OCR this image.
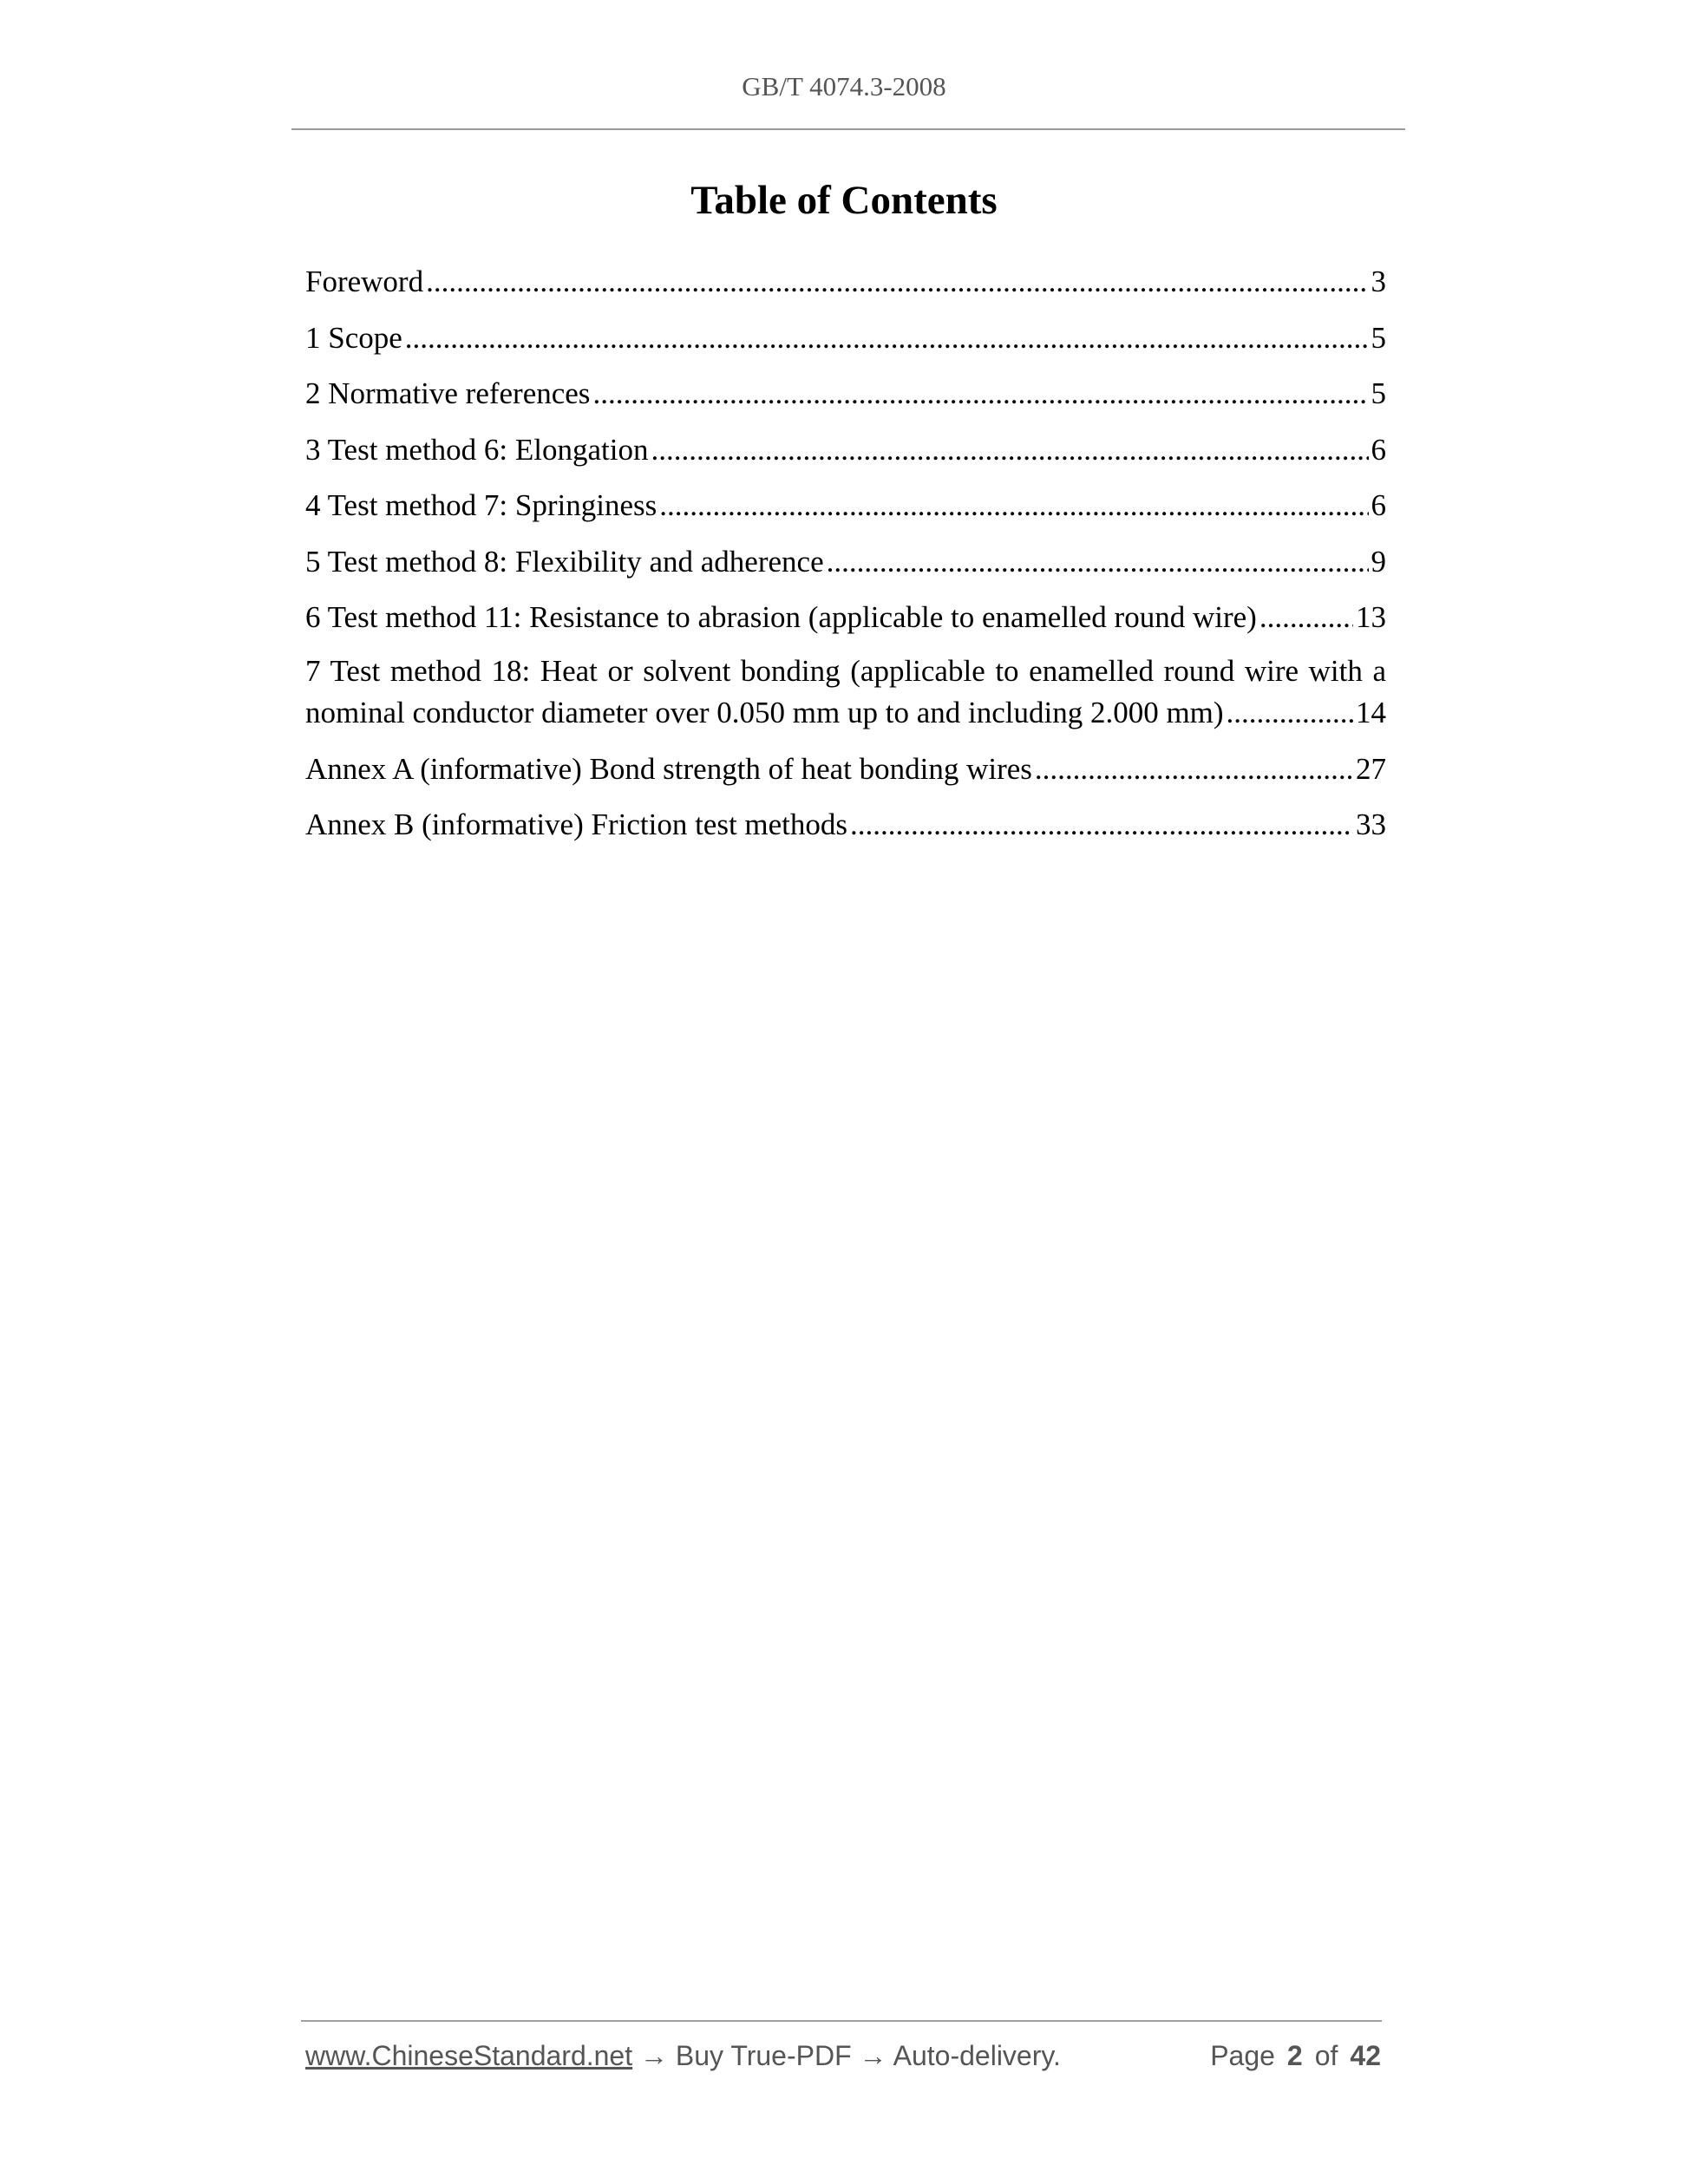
GB/T 4074.3-2008
Table of Contents
Foreword .....	3
1 Scope .....	5
2 Normative references .....	5
3 Test method 6: Elongation .....	6
4 Test method 7: Springiness .....	6
5 Test method 8: Flexibility and adherence .....	9
6 Test method 11: Resistance to abrasion (applicable to enamelled round wire) .....	13
7 Test method 18: Heat or solvent bonding (applicable to enamelled round wire with a
nominal conductor diameter over 0.050 mm up to and including 2.000 mm) .....	14
Annex A (informative) Bond strength of heat bonding wires .....	27
Annex B (informative) Friction test methods .....	33
www.ChineseStandard.net → Buy True-PDF → Auto-delivery.	Page 2 of 42
